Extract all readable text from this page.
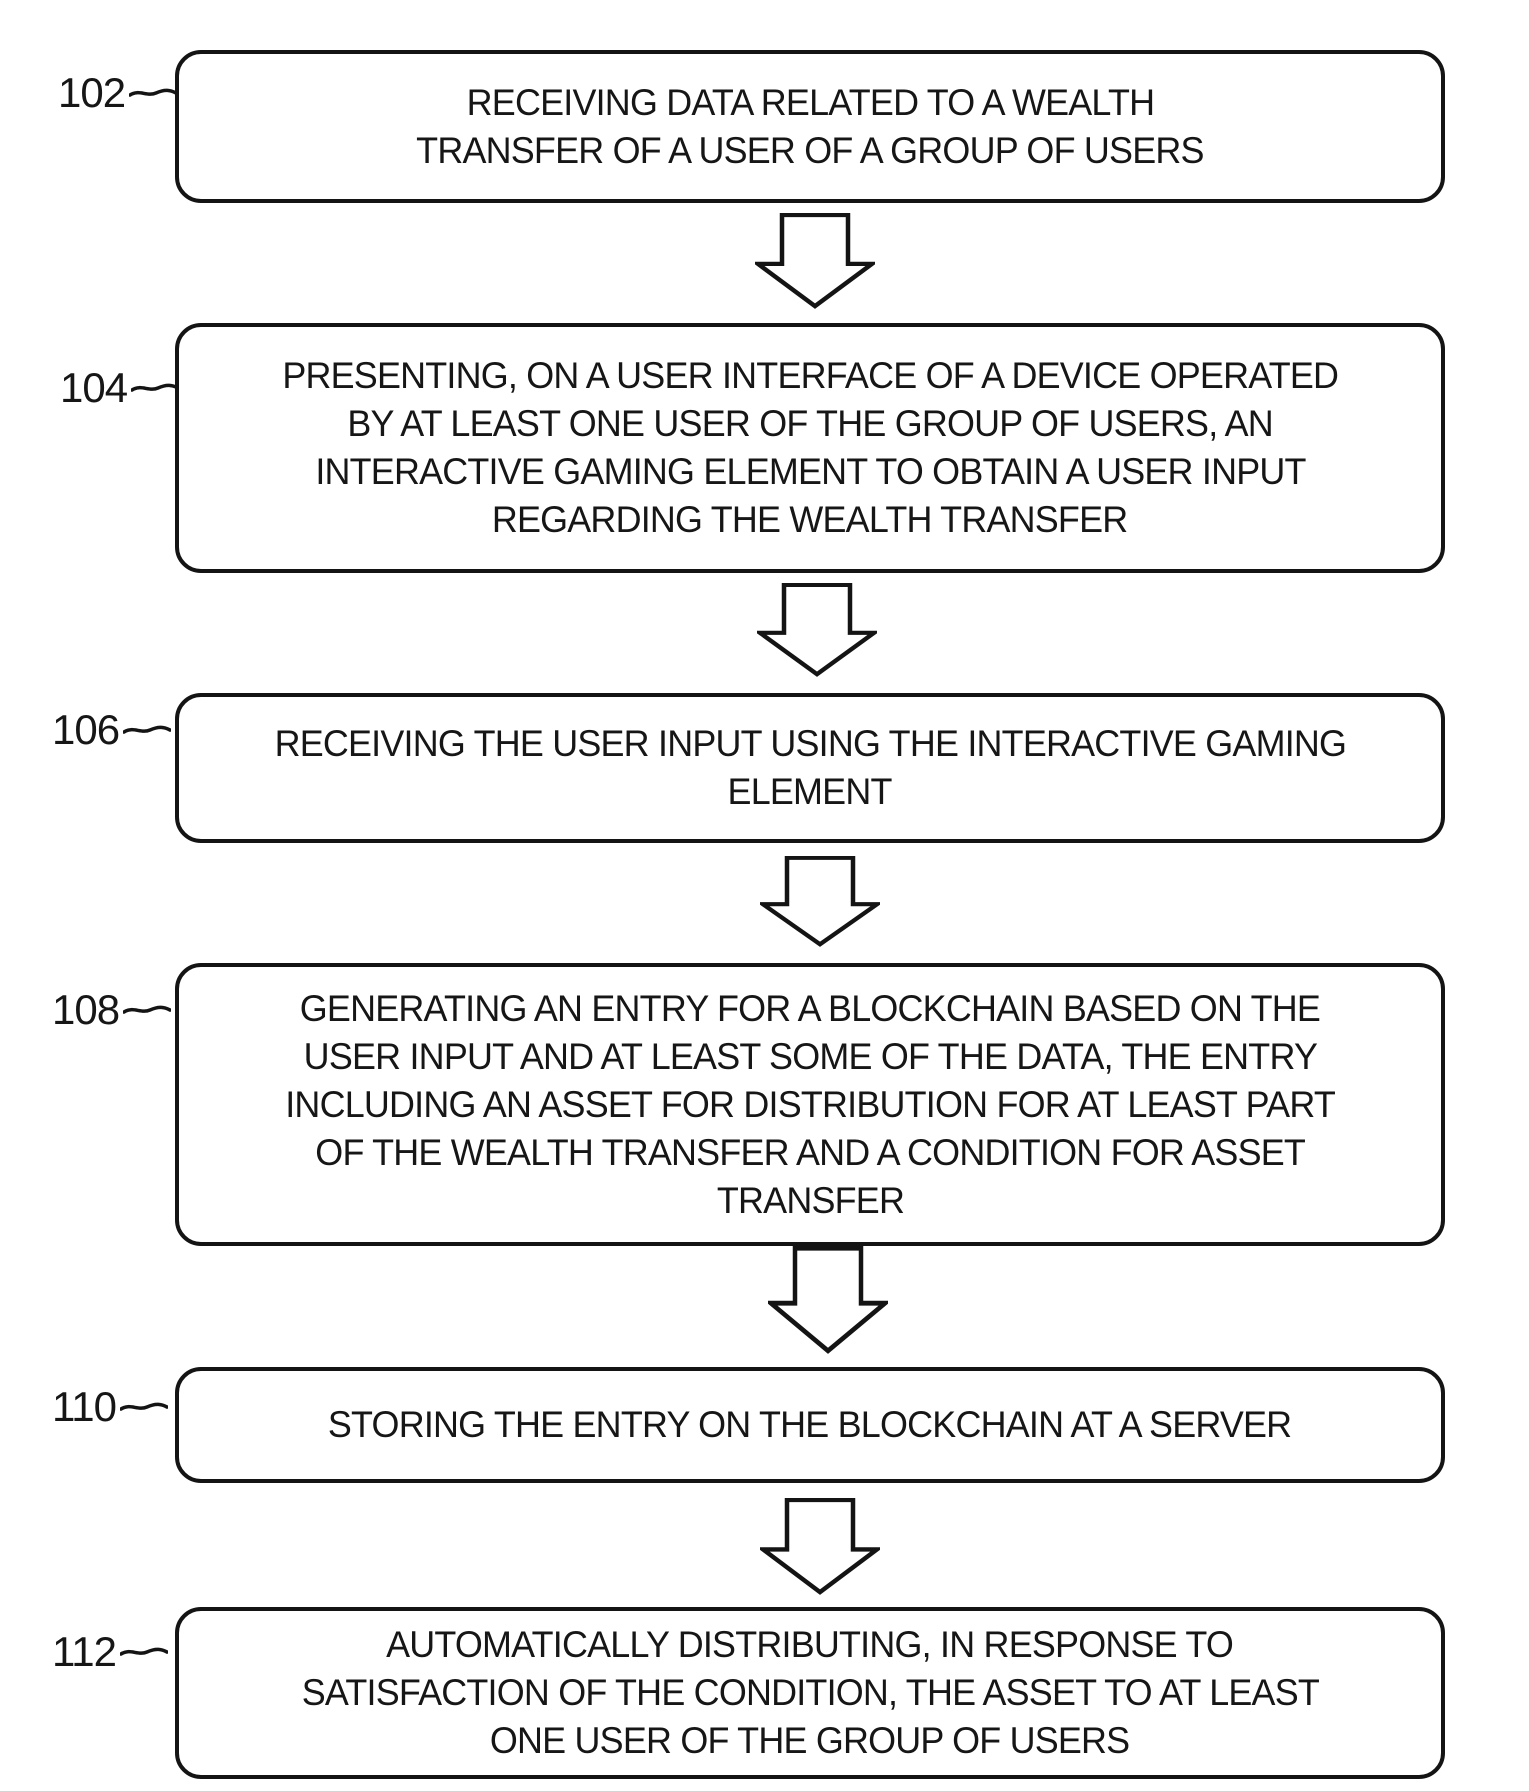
102	RECEIVING DATA RELATED TO A WEALTH
TRANSFER OF A USER OF A GROUP OF USERS
104	PRESENTING, ON A USER INTERFACE OF A DEVICE OPERATED
BY AT LEAST ONE USER OF THE GROUP OF USERS, AN
INTERACTIVE GAMING ELEMENT TO OBTAIN A USER INPUT
REGARDING THE WEALTH TRANSFER
106	RECEIVING THE USER INPUT USING THE INTERACTIVE GAMING
ELEMENT
108	GENERATING AN ENTRY FOR A BLOCKCHAIN BASED ON THE
USER INPUT AND AT LEAST SOME OF THE DATA, THE ENTRY
INCLUDING AN ASSET FOR DISTRIBUTION FOR AT LEAST PART
OF THE WEALTH TRANSFER AND A CONDITION FOR ASSET
TRANSFER
110	STORING THE ENTRY ON THE BLOCKCHAIN AT A SERVER
112	AUTOMATICALLY DISTRIBUTING, IN RESPONSE TO
SATISFACTION OF THE CONDITION, THE ASSET TO AT LEAST
ONE USER OF THE GROUP OF USERS
